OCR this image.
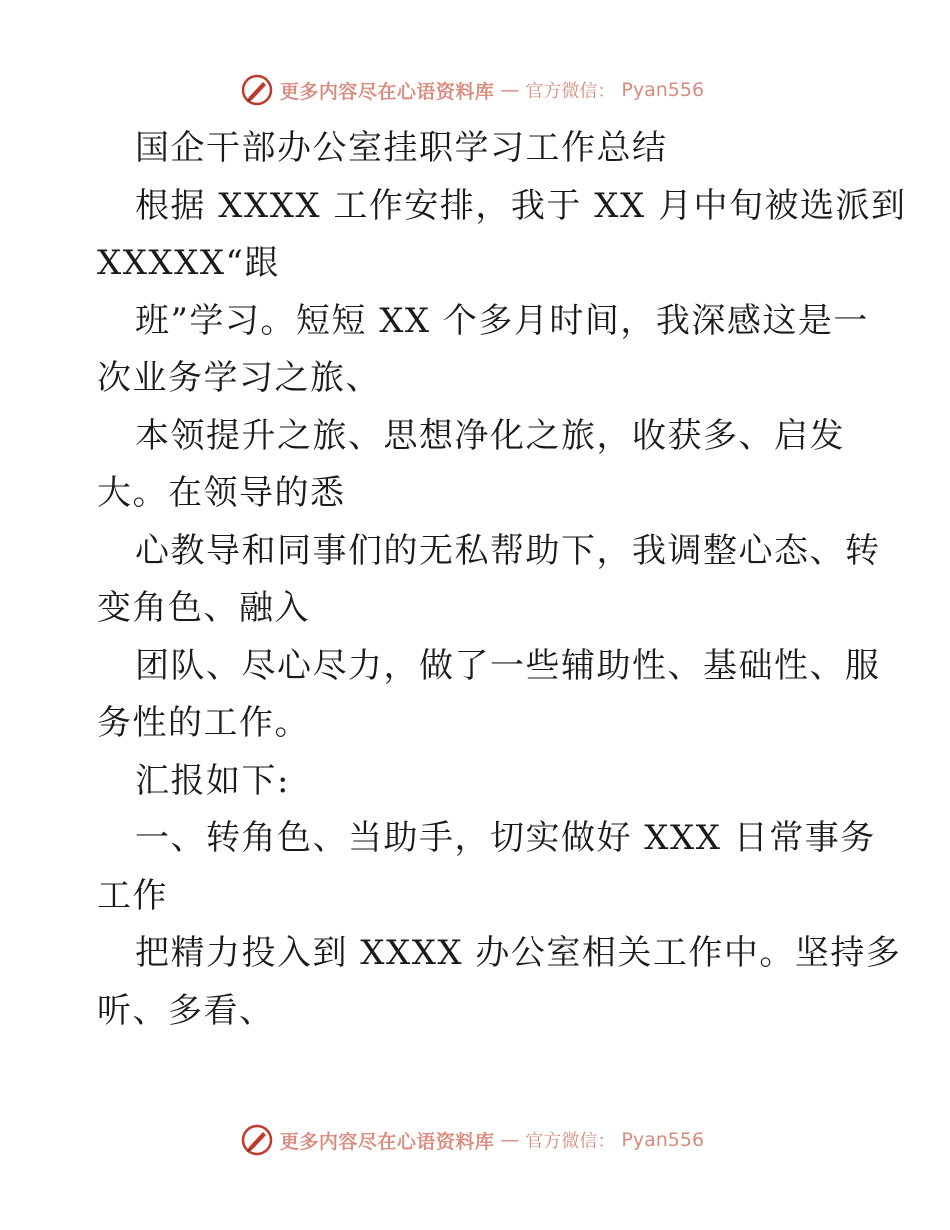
更多内容尽在心语资料库 — 官方微信： Pyan556
国企干部办公室挂职学习工作总结
根据 XXXX 工作安排，我于 XX 月中旬被选派到
XXXXX“跟
班”学习。短短 XX 个多月时间，我深感这是一
次业务学习之旅、
本领提升之旅、思想净化之旅，收获多、启发
大。在领导的悉
心教导和同事们的无私帮助下，我调整心态、转
变角色、融入
团队、尽心尽力，做了一些辅助性、基础性、服
务性的工作。
汇报如下:
一、转角色、当助手，切实做好 XXX 日常事务
工作
把精力投入到 XXXX 办公室相关工作中。坚持多
听、多看、
更多内容尽在心语资料库 — 官方微信： Pyan556
